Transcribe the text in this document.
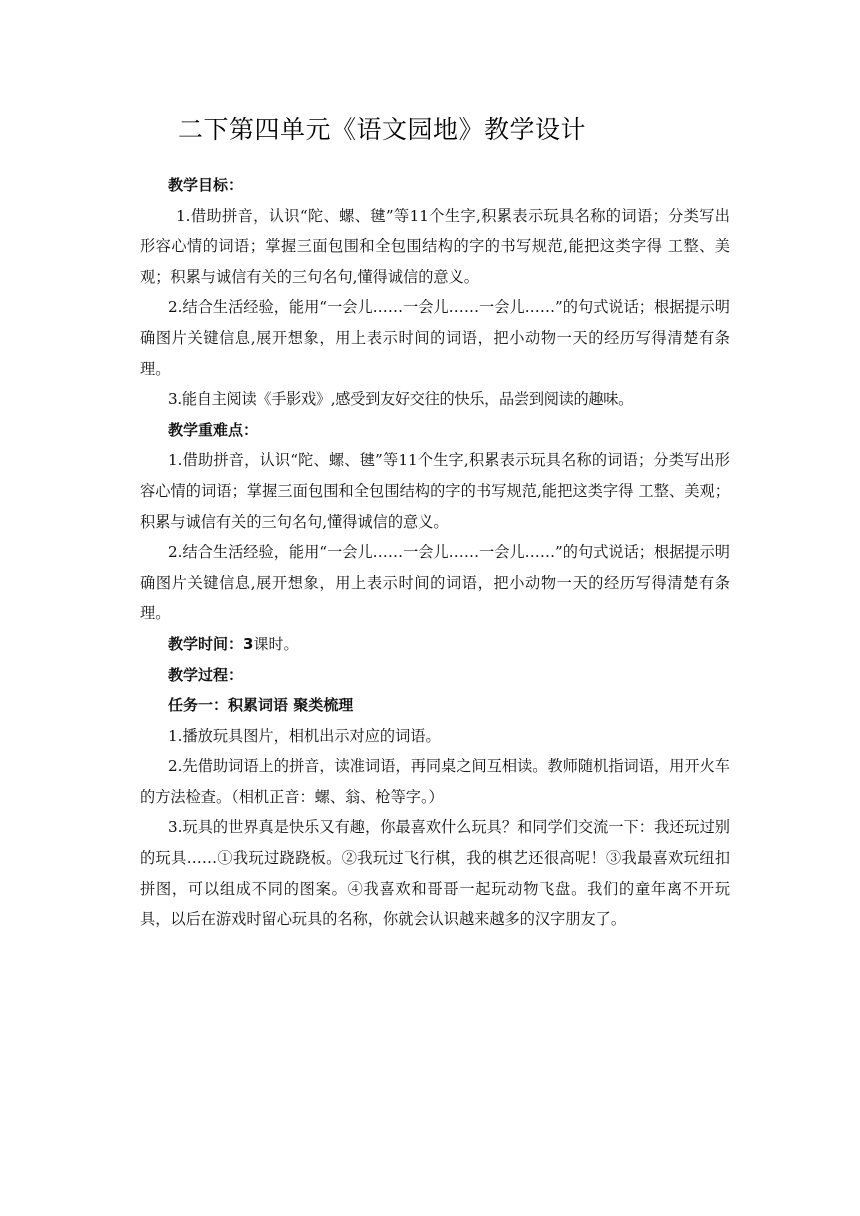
二下第四单元《语文园地》教学设计

教学目标：

1.借助拼音，认识“陀、螺、毽”等11个生字,积累表示玩具名称的词语；分类写出形容心情的词语；掌握三面包围和全包围结构的字的书写规范,能把这类字得 工整、美观；积累与诚信有关的三句名句,懂得诚信的意义。

2.结合生活经验，能用“一会儿……一会儿……一会儿……”的句式说话；根据提示明确图片关键信息,展开想象，用上表示时间的词语，把小动物一天的经历写得清楚有条理。

3.能自主阅读《手影戏》,感受到友好交往的快乐，品尝到阅读的趣味。

教学重难点：

1.借助拼音，认识“陀、螺、毽”等11个生字,积累表示玩具名称的词语；分类写出形容心情的词语；掌握三面包围和全包围结构的字的书写规范,能把这类字得 工整、美观；积累与诚信有关的三句名句,懂得诚信的意义。

2.结合生活经验，能用“一会儿……一会儿……一会儿……”的句式说话；根据提示明确图片关键信息,展开想象，用上表示时间的词语，把小动物一天的经历写得清楚有条理。

教学时间：3课时。

教学过程：

任务一：积累词语 聚类梳理

1.播放玩具图片，相机出示对应的词语。

2.先借助词语上的拼音，读准词语，再同桌之间互相读。教师随机指词语，用开火车的方法检查。（相机正音：螺、翁、枪等字。）

3.玩具的世界真是快乐又有趣，你最喜欢什么玩具？和同学们交流一下：我还玩过别的玩具……①我玩过跷跷板。②我玩过飞行棋，我的棋艺还很高呢！③我最喜欢玩纽扣拼图，可以组成不同的图案。④我喜欢和哥哥一起玩动物飞盘。我们的童年离不开玩具，以后在游戏时留心玩具的名称，你就会认识越来越多的汉字朋友了。
